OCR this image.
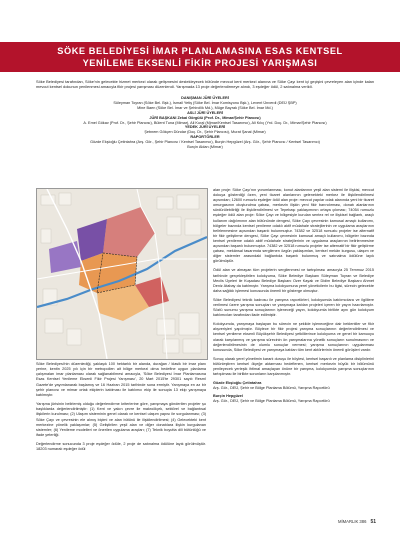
SÖKE BELEDİYESİ İMAR PLANLAMASINA ESAS KENTSEL
YENİLEME EKSENLİ FİKİR PROJESİ YARIŞMASI
Söke Belediyesi tarafından, Söke'nin gelecekte hizmet merkezi olarak gelişmesini destekleyecek bütünde mevcut kent merkezi alanına ve Söke Çayı kent içi geçişini çevreleyen alan içinde kalan mevcut kentsel dokunun yenilenmesi amacıyla fikir projesi yarışması düzenlendi. Yarışmada 13 proje değerlendirmeye alındı, 3 eşdeğer ödül, 2 satınalma verildi.
DANIŞMAN JÜRİ ÜYELERİ
Süleyman Toyran (Söke Bel. Bşk.), İsmail Yetiş (Söke Bel. İmar Komisyonu Bşk.), Levent Ünverdi (DEÜ ŞBP)
Mine Baen (Söke Bel. İmar ve Şehircilik Md.), Müge Bayrak (Söke Bel. İmar Md.)
ASLİ JÜRİ ÜYELERİ
JÜRİ BAŞKANI Zekai Görgülü (Prof. Dr., Mimar/Şehir Plancısı)
A. Emel Gökav (Prof. Dr., Şehir Plancısı), Bülent Tuna (Mimar), Ali Kural (Mimar/Kentsel Tasarımcı), Ali Kılıç (Yrd. Doç. Dr., Mimar/Şehir Plancısı)
YEDEK JÜRİ ÜYELERİ
Şebnem Gökçen Dündar (Doç. Dr., Şehir Plancısı), Murat Şanal (Mimar)
RAPORTÖRLER
Gözde Ekşioğlu Çetintahra (Arş. Gör., Şehir Plancısı / Kentsel Tasarımcı), Burçin Hepgüzel (Arş. Gör., Şehir Plancısı / Kentsel Tasarımcı)
Burçin Aldan (Mimar)

Söke Belediyesi'nin düzenlediği, yaklaşık 100 hektarlık bir alanda, durağan / klasik bir imar planı yerine, kentin 2025 yılı için bir metropollen ait bölge merkezi olma hedefine uygun planlama çalışmaları imar planlaması olarak sağlanabilmesi amacıyla, 'Söke Belediyesi İmar Planlamasına Esas Kentsel Yenileme Eksenli Fikir Projesi Yarışması', 20 Mart 2015'te 29301 sayılı Resmî Gazete'de yayımlanarak başlamış ve 16 Haziran 2015 tarihinde sona ermiştir. Yarışmaya en az bir şehir plancısı ve mimar ortak ekiplerin katılması ile katılımcı ekip ile sonuçta 13 ekip yarışmaya katılmıştır.

Yarışma jürisinin belirlemiş olduğu değerlendirme kriterlerine göre, yarışmaya gönderilen projeler şu başlıklarda değerlendirilmiştir: (1) Kent ve yakın çevre ile makroölçek, sektörel ve bağlantısal ilişkilerin kurulması; (2) Ulaşım sisteminin genel olarak ve kentsel ulaşım yapısı ile sorgulanması; (3) Söke Çayı ve çevresinin ele alınış biçimi ve alan bütünü ile ilişkilendirilmesi; (4) Gelecekteki kent merkezine yönelik yaklaşımlar; (5) Geliştirilen yeşil alan ve diğer donatılara ilişkin kurgulanan sistemler; (6) Yenileme modelleri ve önerilen uygulama araçları; (7) Teknik boyutta dili bütünlüğü ve ifade yeterliği.

Değerlendirme sonucunda 3 proje eşdeğer ödüle, 2 proje de satınalma ödülüne layık görülmüştür. 18203 numaralı eşdeğer ödül

alan proje: Söke Çayı'nın yorumlanması, konut alanlarının yeşil alan sistemi ile ilişkisi, mevcut dokuya gösterdiği özen, yeni ticaret alanlarının gelenekteki merkez ile ilişkilendirilmesi açısından; 12600 rumuzlu eşdeğer ödül alan proje: mevcut yapılar odak alanında yeni bir ticaret omurgasının oluşturulma çabası, merkezin ilişkin yeni fikir barındırması, donatı alanlarının sürdürülebilirliği ile ilişkilendirilmesi ve Tepebaşı yaklaşımının ortaya çıkması; 74054 rumuzlu eşdeğer ödül alan proje: Söke Çayı ve bölgesiyle kurulan sentez rel ve ilişkisel bağlantı, araçlı kullanım dağılımının alan bütününde dengesi, Söke Çayı çevresinin kamusal amaçlı kullanımı, bölgeler bazında kentsel yenileme odaklı aktif müdahale stratejilerinin ve uygulama araçlarının belirlenmesine açısından başarılı bulunmuştur. 74382 ve 32518 rumuzlu projeler ise alternatif bir fikir geliştirme dengesi, Söke Çayı çevresinin kamusal amaçlı kullanımı, bölgeler bazında kentsel yenileme odaklı aktif müdahale stratejilerinin ve uygulama araçlarının belirlenmesine açısından başarılı bulunmuştur. 74382 ve 32518 rumuzlu projeler ise alternatif bir fikir geliştirme çabası, mekânsal tasarımda sergilenen özgün yaklaşımları, kentsel mekân kurgusu, ulaşım ve diğer sistemler arasındaki bağlantıda başarılı bulunmuş ve satınalma ödülüne layık görülmüştür.

Ödül alan ve almayan tüm projelerin sergilenmesi ve tartışılması amacıyla 25 Temmuz 2015 tarihinde gerçekleştirilen kolokyuma, Söke Belediye Başkanı Süleyman Toyran ve Belediye Meclis Üyeleri ile Kuşadası Belediye Başkanı Ozer Kayalı ve Didim Belediye Başkanı Ahmet Deniz Atabay da katılmıştır. Yarışma kolokyumuna yerel yöneticilerin bu ilgisi, sürecin gelecekte daha sağlıklı işlemesi konusunda önemli bir gösterge olmuştur.

Söke Belediyesi teknik kadrosu ile yarışma raportörleri, kolokyumda katılımcılara ve ilgililere verilmesi üzere yarışma sonuçları ve yarışmaya katılan projeleri içeren bir yayın hazırlamıştır. Sözlü sunumu yarışma sonuçlarının işleneceği yayın, kolokyumla birlikte aynı gün kolokyum katılımcıları tarafından ilade edilmiştir.

Kolokyumda, yarışmaya başlayan bu sürecin ne şekilde işleneceğine dair beklentiler ve fikir alışverişleri yapılmıştır. Böylece bir fikir projesi yarışma sonuçlarının değerlendirilmesi ve kentsel yenileme eksenli Büyükşehir Belediyesi yetkililerince kolokyuma ve genel bir kamuoyu olarak karşılanmış ve yarışma sürecinin ön yarışmalarına yönelik sonuçların sunulmasının ve değerlendirilmesinin de olumlu sonuçlar vermesi; yarışma sonuçlarının uygulanması konusunda, Söke Belediyesi ve yarışmaya katılan tüm kent aktörlerinin önemli görüşleri vardır.

Sonuç olarak yerel yönetimin kararlı duruşu ile böylesi, kentsel başarılı ve planlama disiplinlerini bütünleştiren kentsel ölçeğe aktarması hedeflenen, kentsel merkezin büyük bir bölümünü yenileyecek yerleşik ihtimal amaçlayan önüne bir yarışma, kolokyumda yarışma sonuçlarının tartışılması ile birlikte sorunların karşılanmıştır.

Gözde Ekşioğlu Çetintahra
Arş. Gör., DEÜ, Şehir ve Bölge Planlama Bölümü, Yarışma Raportörü
Burçin Hepgüzel
Arş. Gör., DEÜ, Şehir ve Bölge Planlama Bölümü, Yarışma Raportörü
MİMARLIK 386 51
